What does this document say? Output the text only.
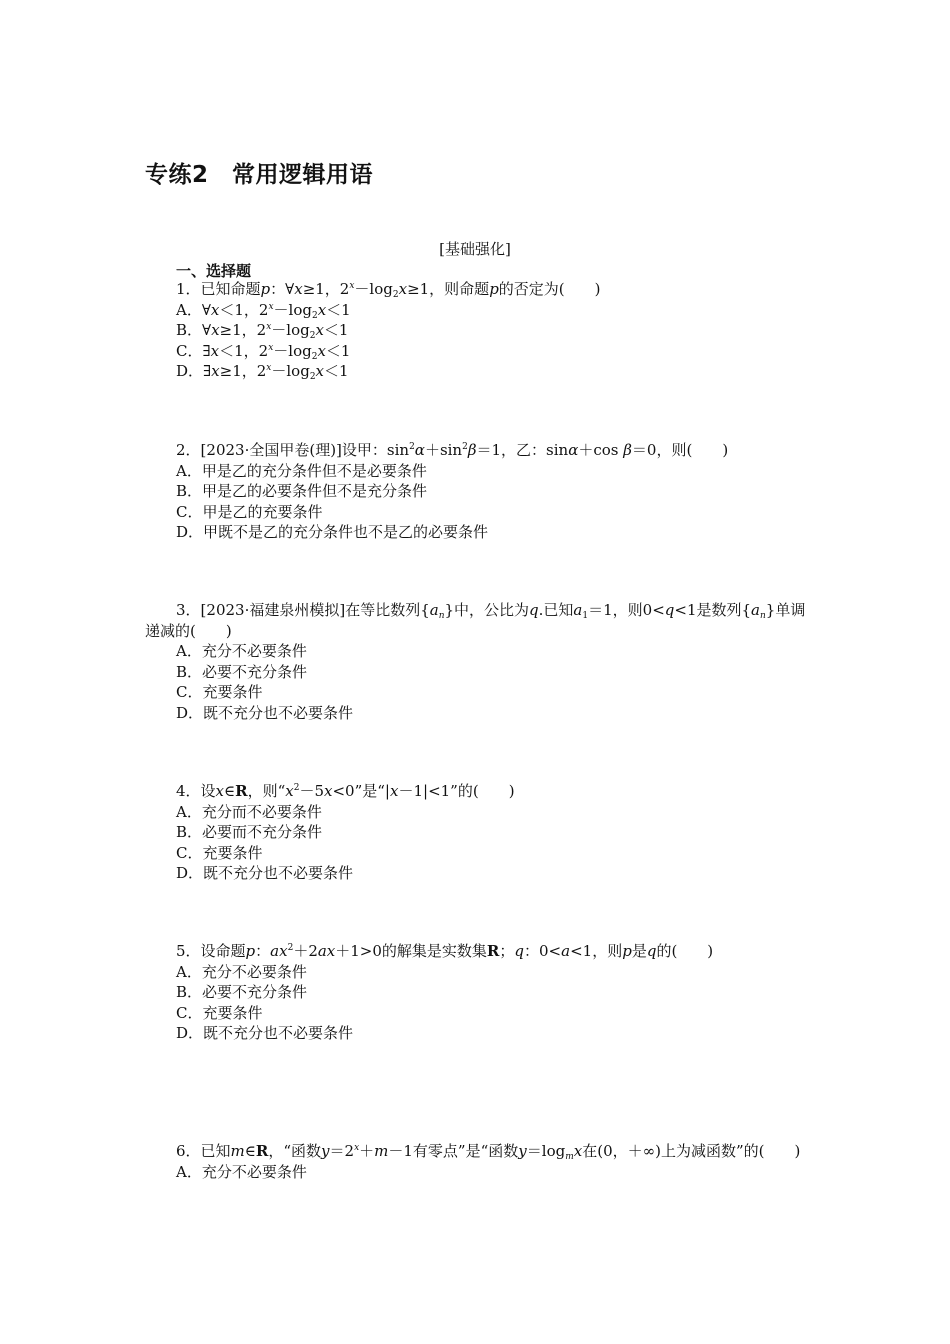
专练2　常用逻辑用语
[基础强化]
一、选择题
1．已知命题p：∀x≥1，$2^x-\log_2x\ge 1$，则命题p的否定为(　　)
A．∀x＜1，$2^x-\log_2x<1$
B．∀x≥1，$2^x-\log_2x<1$
C．∃x＜1，$2^x-\log_2x<1$
D．∃x≥1，$2^x-\log_2x<1$
2．[2023·全国甲卷(理)]设甲：$\sin^2\alpha+\sin^2\beta=1$，乙：sinα＋cos β＝0，则(　　)
A．甲是乙的充分条件但不是必要条件
B．甲是乙的必要条件但不是充分条件
C．甲是乙的充要条件
D．甲既不是乙的充分条件也不是乙的必要条件
3．[2023·福建泉州模拟]在等比数列$\{a_n\}$中，公比为q.已知$a_1=1$，则0<q<1是数列$\{a_n\}$单调递减的(　　)
A．充分不必要条件
B．必要不充分条件
C．充要条件
D．既不充分也不必要条件
4．设x∈R，则“$x^2-5x<0$”是“|x－1|<1”的(　　)
A．充分而不必要条件
B．必要而不充分条件
C．充要条件
D．既不充分也不必要条件
5．设命题p：$ax^2+2ax+1>0$的解集是实数集R；q：0<a<1，则p是q的(　　)
A．充分不必要条件
B．必要不充分条件
C．充要条件
D．既不充分也不必要条件
6．已知m∈R，“函数$y=2^x+m-1$有零点”是“函数$y=\log_mx$在(0，＋∞)上为减函数”的(　　)
A．充分不必要条件
